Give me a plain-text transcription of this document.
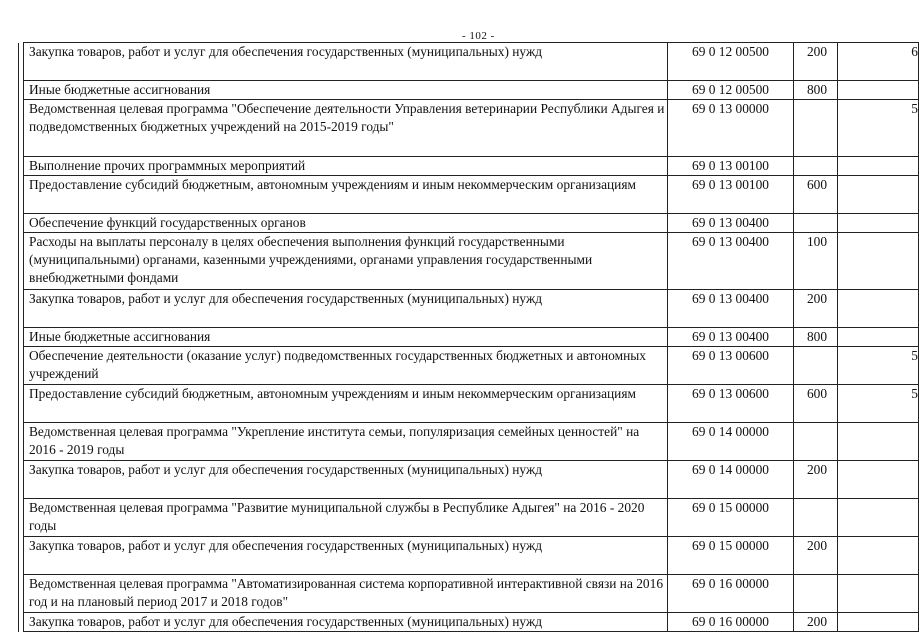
- 102 -
	Закупка товаров, работ и услуг для обеспечения государственных (муниципальных) нужд	69 0 12 00500	200	6
	Иные бюджетные ассигнования	69 0 12 00500	800	
	Ведомственная целевая программа "Обеспечение деятельности Управления ветеринарии Республики Адыгея и подведомственных бюджетных учреждений на 2015-2019 годы"	69 0 13 00000		5
	Выполнение прочих программных мероприятий	69 0 13 00100		
	Предоставление субсидий бюджетным, автономным учреждениям и иным некоммерческим организациям	69 0 13 00100	600	
	Обеспечение функций государственных органов	69 0 13 00400		
	Расходы на выплаты персоналу в целях обеспечения выполнения функций государственными (муниципальными) органами, казенными учреждениями, органами управления государственными внебюджетными фондами	69 0 13 00400	100	
	Закупка товаров, работ и услуг для обеспечения государственных (муниципальных) нужд	69 0 13 00400	200	
	Иные бюджетные ассигнования	69 0 13 00400	800	
	Обеспечение деятельности (оказание услуг) подведомственных государственных бюджетных и автономных учреждений	69 0 13 00600		5
	Предоставление субсидий бюджетным, автономным учреждениям и иным некоммерческим организациям	69 0 13 00600	600	5
	Ведомственная целевая программа "Укрепление института семьи, популяризация семейных ценностей" на 2016 - 2019 годы	69 0 14 00000		
	Закупка товаров, работ и услуг для обеспечения государственных (муниципальных) нужд	69 0 14 00000	200	
	Ведомственная целевая программа "Развитие муниципальной службы в Республике Адыгея" на 2016 - 2020 годы	69 0 15 00000		
	Закупка товаров, работ и услуг для обеспечения государственных (муниципальных) нужд	69 0 15 00000	200	
	Ведомственная целевая программа "Автоматизированная система корпоративной интерактивной связи на 2016 год и на плановый период 2017 и 2018 годов"	69 0 16 00000		
	Закупка товаров, работ и услуг для обеспечения государственных (муниципальных) нужд	69 0 16 00000	200	
